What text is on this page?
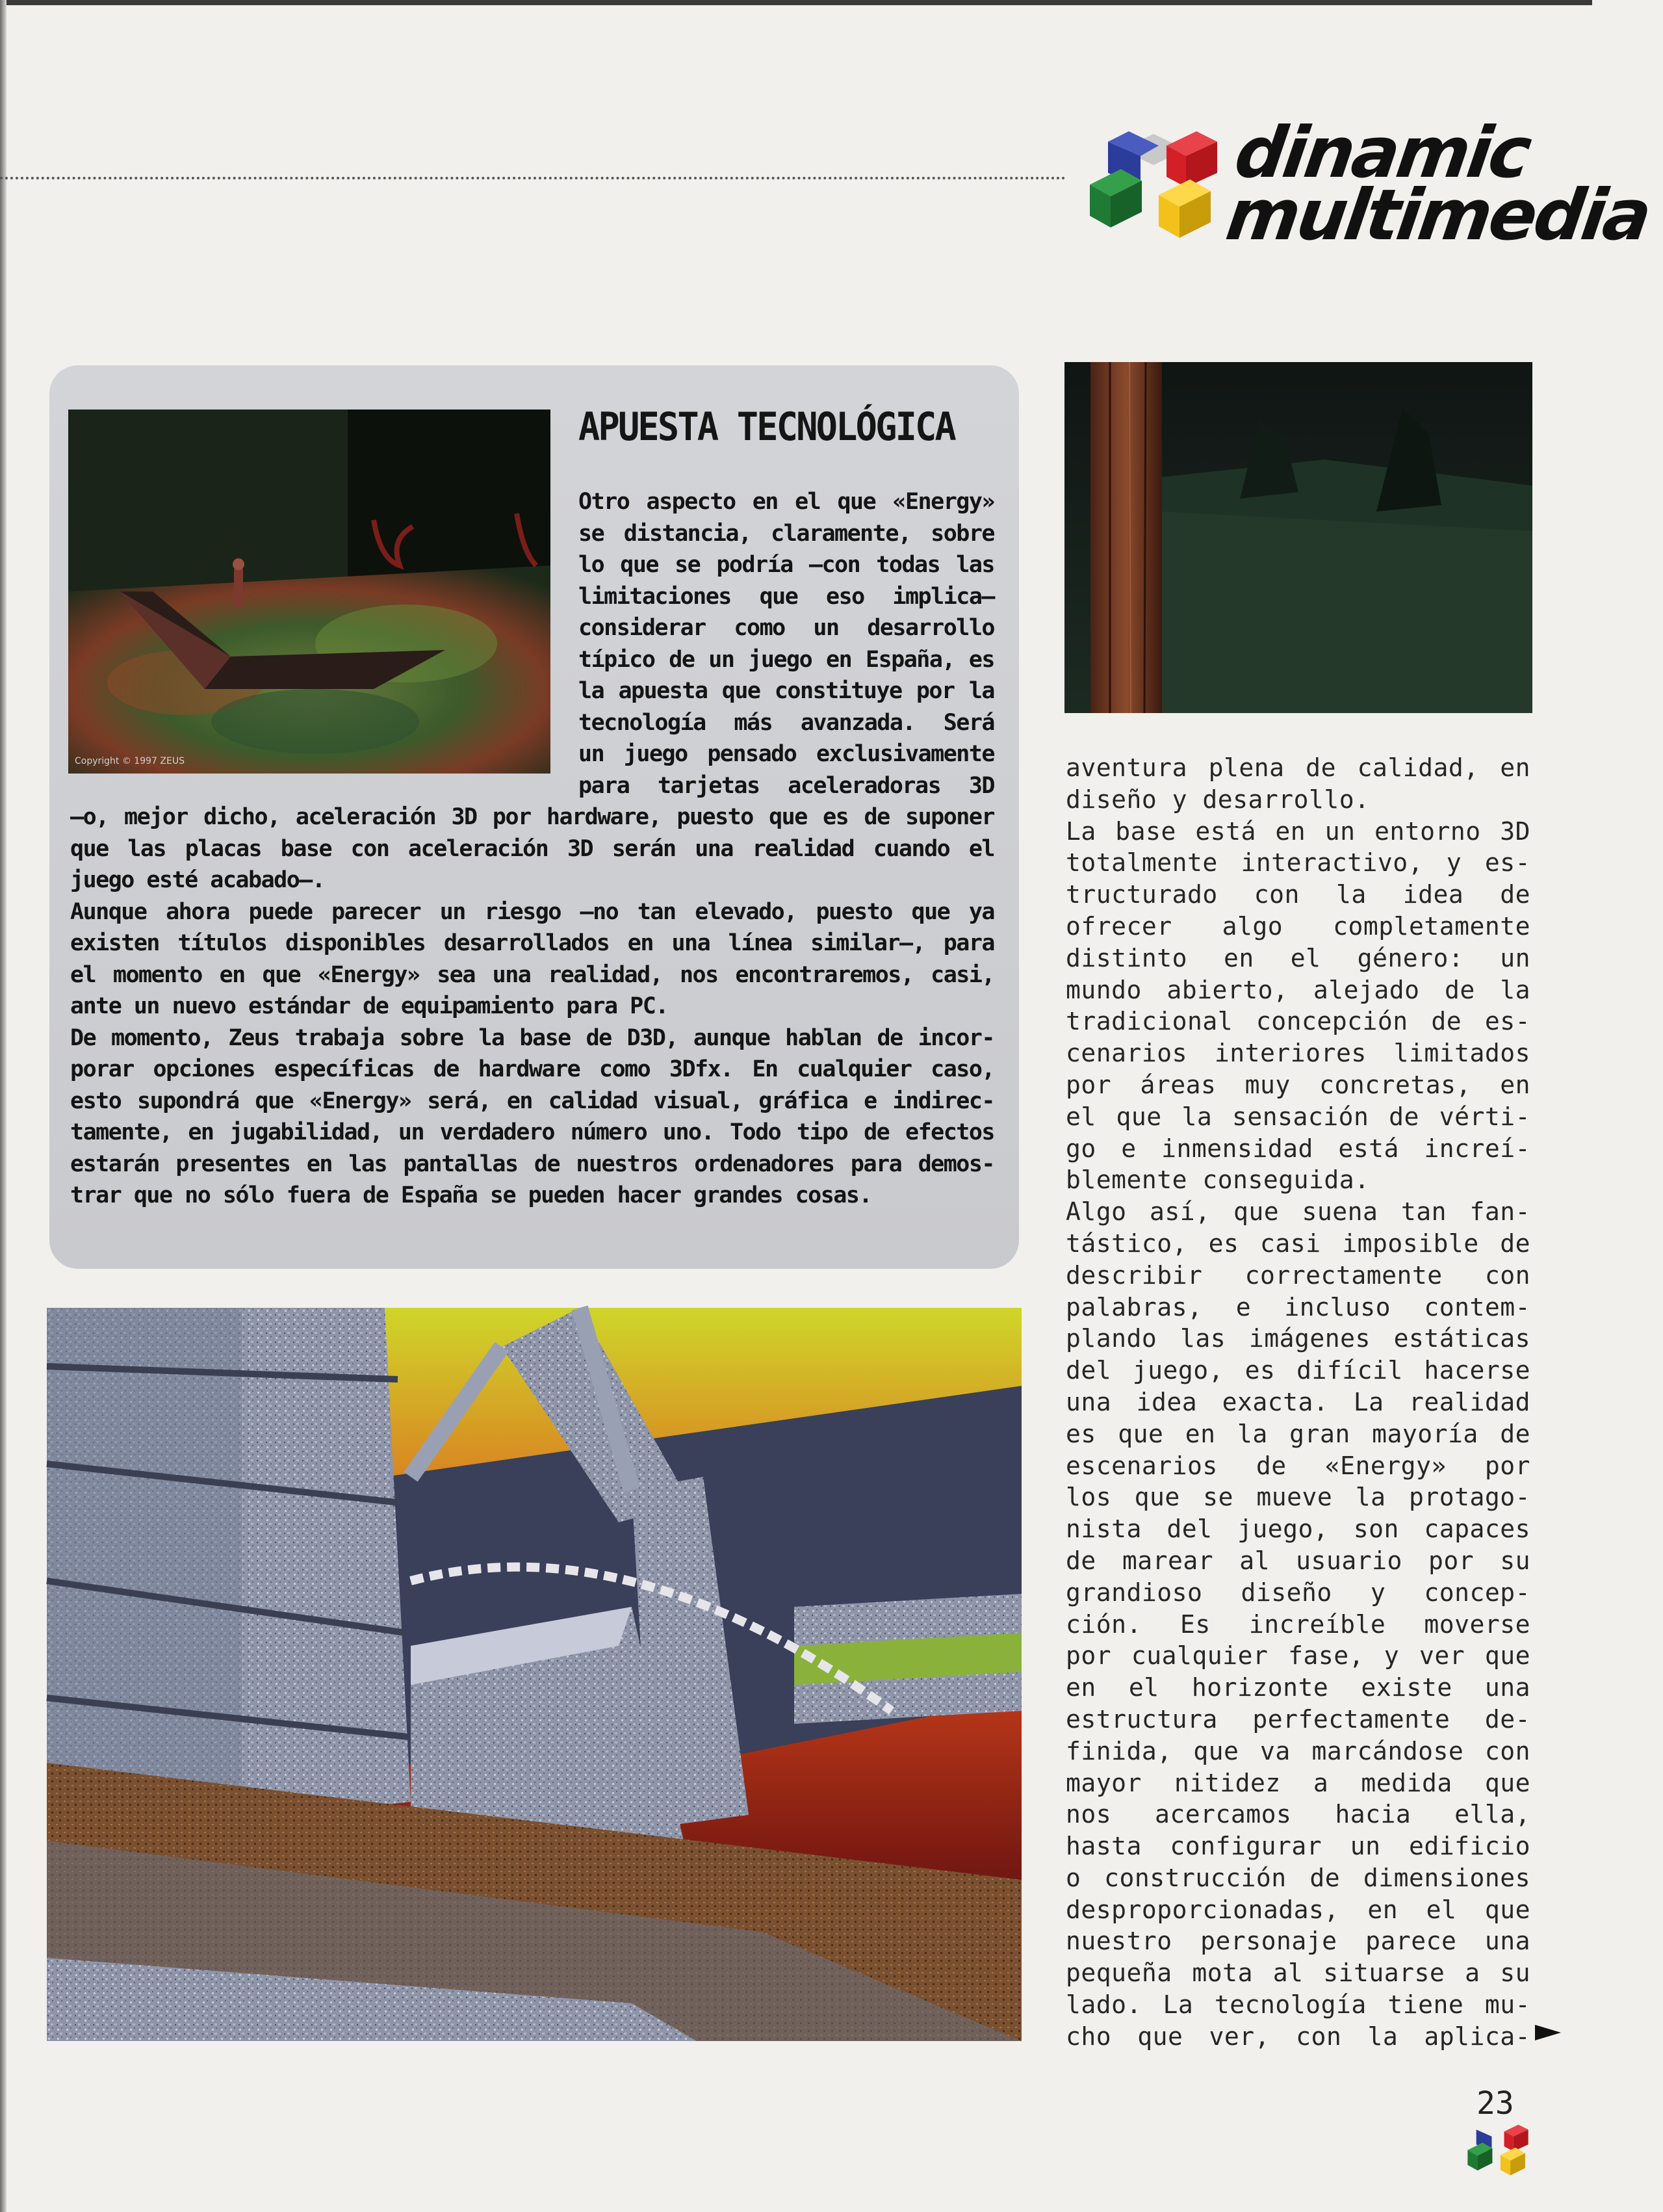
dinamic
multimedia
Copyright © 1997 ZEUS
APUESTA TECNOLÓGICA

Otro aspecto en el que «Energy»

se distancia, claramente, sobre

lo que se podría —con todas las

limitaciones que eso implica—

considerar como un desarrollo

típico de un juego en España, es

la apuesta que constituye por la

tecnología más avanzada. Será

un juego pensado exclusivamente

para tarjetas aceleradoras 3D

—o, mejor dicho, aceleración 3D por hardware, puesto que es de suponer

que las placas base con aceleración 3D serán una realidad cuando el

juego esté acabado—.

Aunque ahora puede parecer un riesgo —no tan elevado, puesto que ya

existen títulos disponibles desarrollados en una línea similar—, para

el momento en que «Energy» sea una realidad, nos encontraremos, casi,

ante un nuevo estándar de equipamiento para PC.

De momento, Zeus trabaja sobre la base de D3D, aunque hablan de incor-

porar opciones específicas de hardware como 3Dfx. En cualquier caso,

esto supondrá que «Energy» será, en calidad visual, gráfica e indirec-

tamente, en jugabilidad, un verdadero número uno. Todo tipo de efectos

estarán presentes en las pantallas de nuestros ordenadores para demos-

trar que no sólo fuera de España se pueden hacer grandes cosas.

aventura plena de calidad, en

diseño y desarrollo.

La base está en un entorno 3D

totalmente interactivo, y es-

tructurado con la idea de

ofrecer algo completamente

distinto en el género: un

mundo abierto, alejado de la

tradicional concepción de es-

cenarios interiores limitados

por áreas muy concretas, en

el que la sensación de vérti-

go e inmensidad está increí-

blemente conseguida.

Algo así, que suena tan fan-

tástico, es casi imposible de

describir correctamente con

palabras, e incluso contem-

plando las imágenes estáticas

del juego, es difícil hacerse

una idea exacta. La realidad

es que en la gran mayoría de

escenarios de «Energy» por

los que se mueve la protago-

nista del juego, son capaces

de marear al usuario por su

grandioso diseño y concep-

ción. Es increíble moverse

por cualquier fase, y ver que

en el horizonte existe una

estructura perfectamente de-

finida, que va marcándose con

mayor nitidez a medida que

nos acercamos hacia ella,

hasta configurar un edificio

o construcción de dimensiones

desproporcionadas, en el que

nuestro personaje parece una

pequeña mota al situarse a su

lado. La tecnología tiene mu-

cho que ver, con la aplica-

23
